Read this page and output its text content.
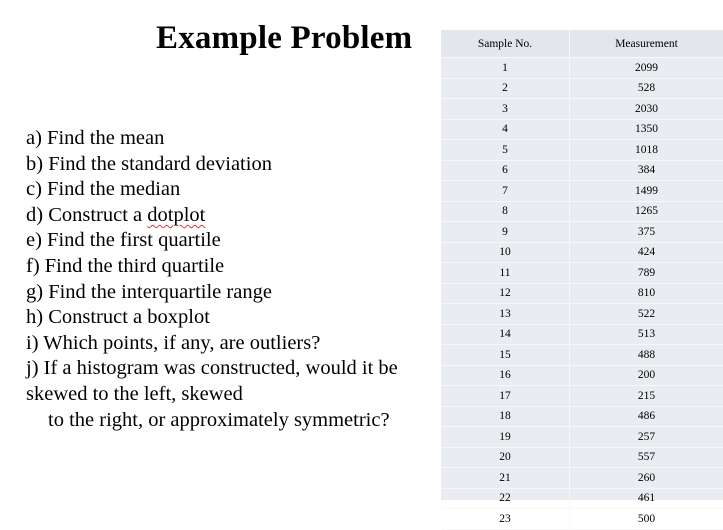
Example Problem
a) Find the mean
b) Find the standard deviation
c) Find the median
d) Construct a dotplot
e) Find the first quartile
f) Find the third quartile
g) Find the interquartile range
h) Construct a boxplot
i) Which points, if any, are outliers?
j) If a histogram was constructed, would it be
skewed to the left, skewed
to the right, or approximately symmetric?
Sample No.	Measurement
1	2099
2	528
3	2030
4	1350
5	1018
6	384
7	1499
8	1265
9	375
10	424
11	789
12	810
13	522
14	513
15	488
16	200
17	215
18	486
19	257
20	557
21	260
22	461
23	500
